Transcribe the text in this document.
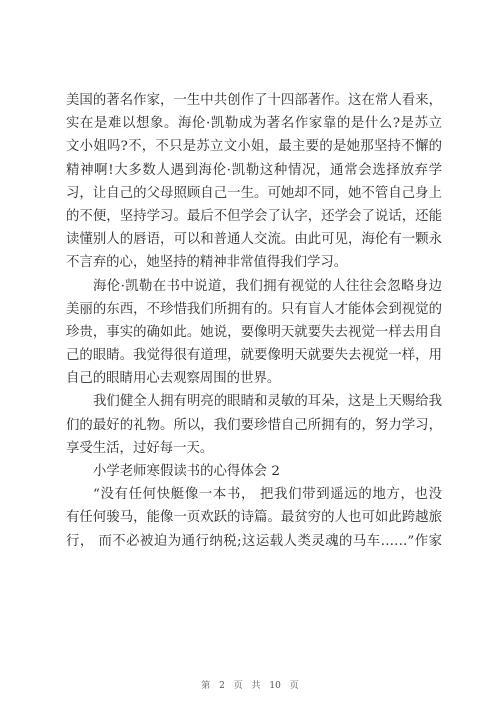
美国的著名作家，一生中共创作了十四部著作。这在常人看来，
实在是难以想象。海伦·凯勒成为著名作家靠的是什么?是苏立
文小姐吗?不，不只是苏立文小姐，最主要的是她那坚持不懈的
精神啊!大多数人遇到海伦·凯勒这种情况，通常会选择放弃学
习，让自己的父母照顾自己一生。可她却不同，她不管自己身上
的不便，坚持学习。最后不但学会了认字，还学会了说话，还能
读懂别人的唇语，可以和普通人交流。由此可见，海伦有一颗永
不言弃的心，她坚持的精神非常值得我们学习。
海伦·凯勒在书中说道，我们拥有视觉的人往往会忽略身边
美丽的东西，不珍惜我们所拥有的。只有盲人才能体会到视觉的
珍贵，事实的确如此。她说，要像明天就要失去视觉一样去用自
己的眼睛。我觉得很有道理，就要像明天就要失去视觉一样，用
自己的眼睛用心去观察周围的世界。
我们健全人拥有明亮的眼睛和灵敏的耳朵，这是上天赐给我
们的最好的礼物。所以，我们要珍惜自己所拥有的，努力学习，
享受生活，过好每一天。
小学老师寒假读书的心得体会 2
“没有任何快艇像一本书， 把我们带到遥远的地方，也没
有任何骏马，能像一页欢跃的诗篇。最贫穷的人也可如此跨越旅
行， 而不必被迫为通行纳税;这运载人类灵魂的马车……”作家
第 2 页 共 10 页
